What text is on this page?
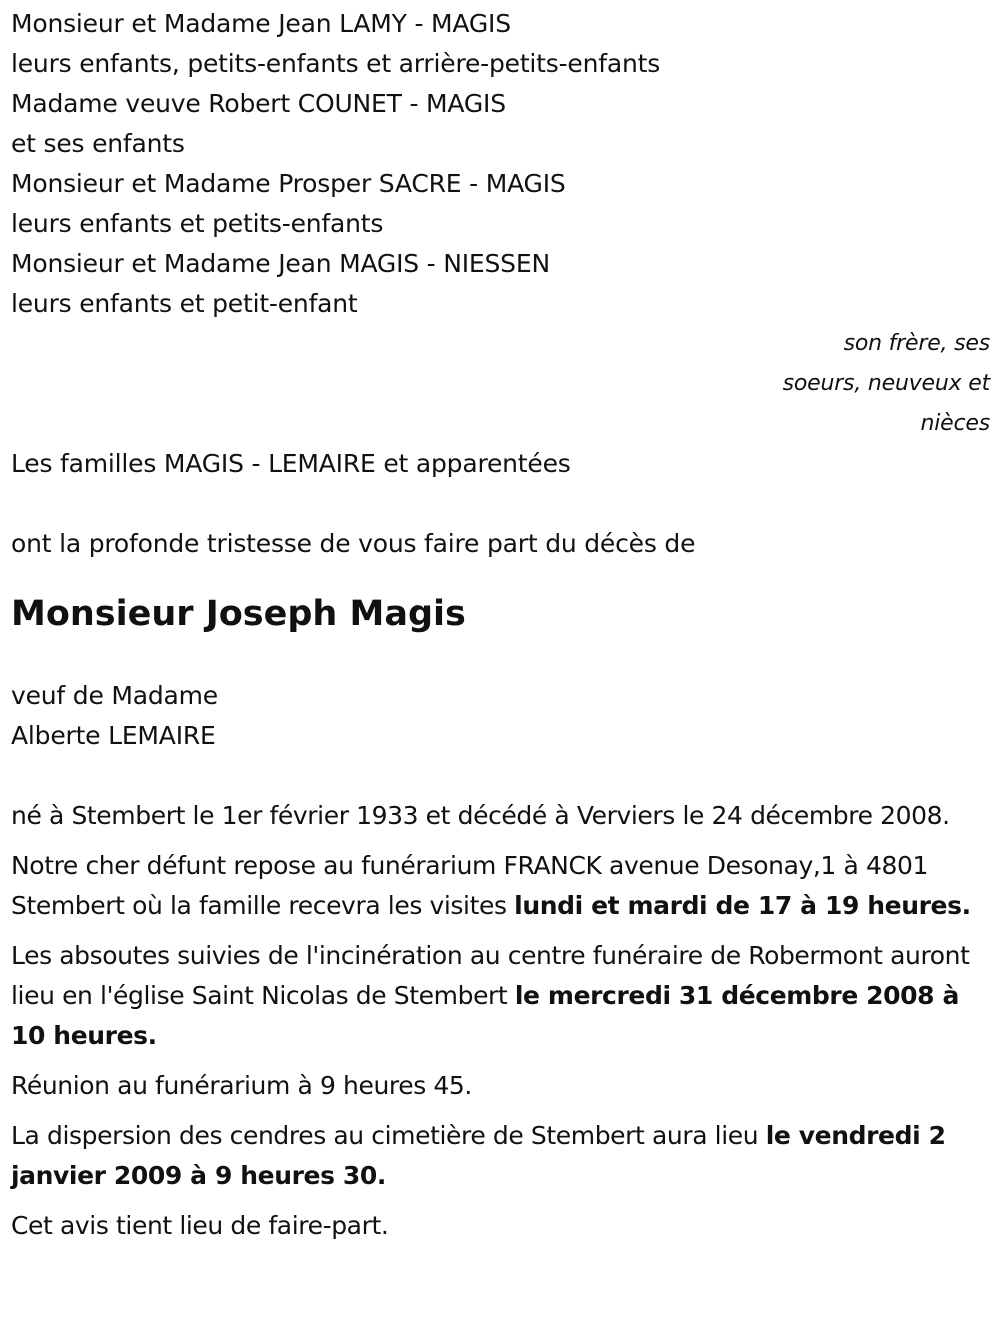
Monsieur et Madame Jean LAMY - MAGIS
leurs enfants, petits-enfants et arrière-petits-enfants
Madame veuve Robert COUNET - MAGIS
et ses enfants
Monsieur et Madame Prosper SACRE - MAGIS
leurs enfants et petits-enfants
Monsieur et Madame Jean MAGIS - NIESSEN
leurs enfants et petit-enfant
son frère, ses
soeurs, neuveux et
nièces
Les familles MAGIS - LEMAIRE et apparentées
ont la profonde tristesse de vous faire part du décès de
Monsieur Joseph Magis
veuf de Madame
Alberte LEMAIRE

né à Stembert le 1er février 1933 et décédé à Verviers le 24 décembre 2008.

Notre cher défunt repose au funérarium FRANCK avenue Desonay,1 à 4801 Stembert où la famille recevra les visites lundi et mardi de 17 à 19 heures.

Les absoutes suivies de l'incinération au centre funéraire de Robermont auront lieu en l'église Saint Nicolas de Stembert le mercredi 31 décembre 2008 à 10 heures.

Réunion au funérarium à 9 heures 45.

La dispersion des cendres au cimetière de Stembert aura lieu le vendredi 2 janvier 2009 à 9 heures 30.

Cet avis tient lieu de faire-part.
